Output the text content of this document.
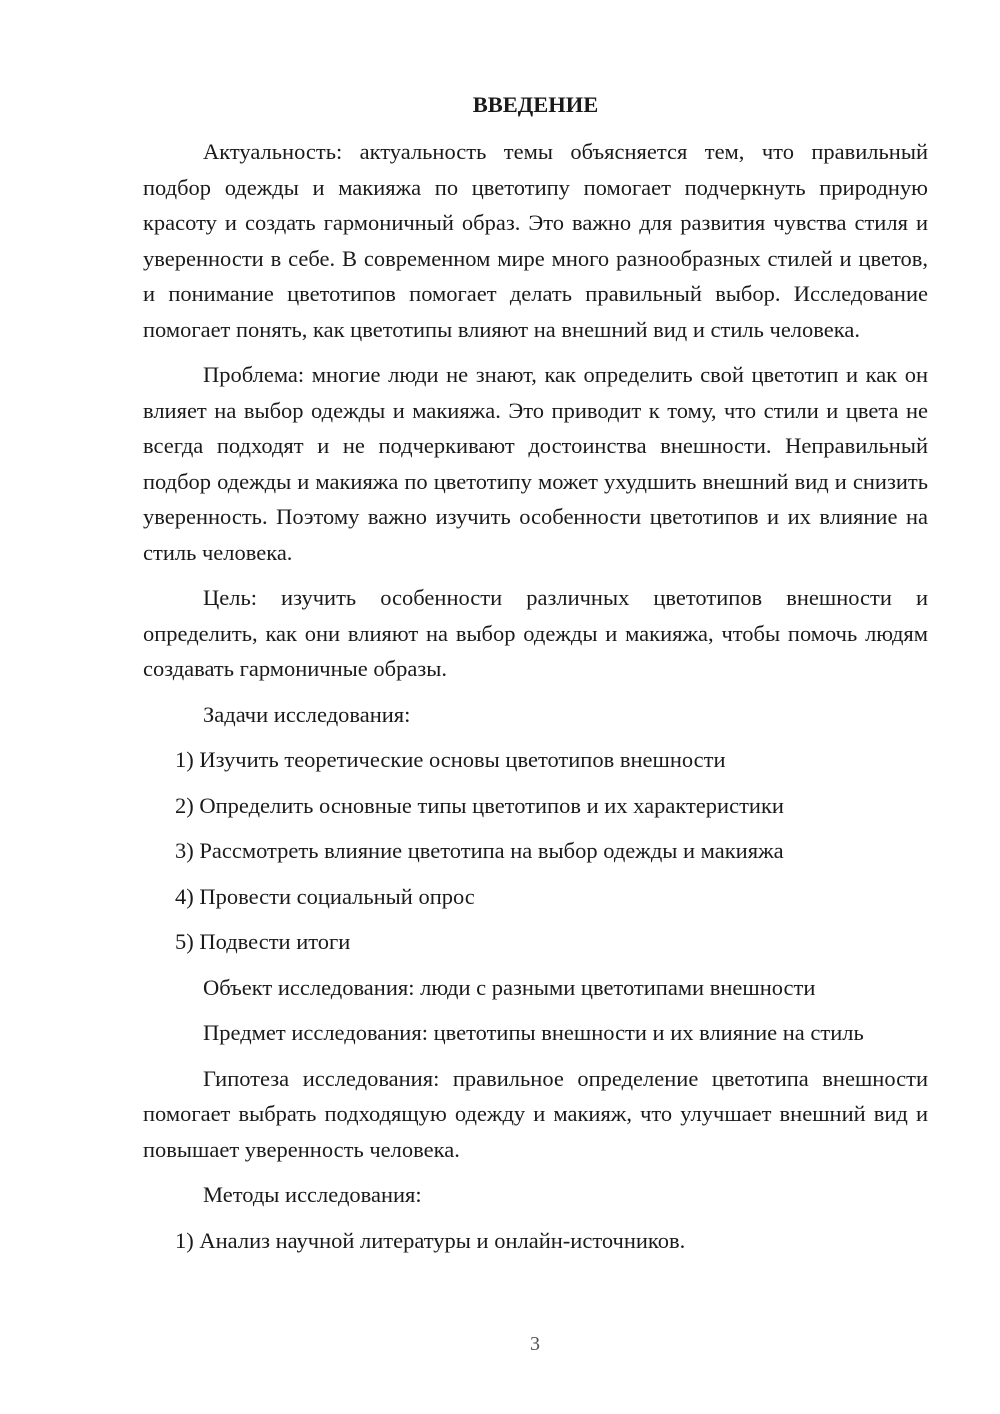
ВВЕДЕНИЕ

Актуальность: актуальность темы объясняется тем, что правильный подбор одежды и макияжа по цветотипу помогает подчеркнуть природную красоту и создать гармоничный образ. Это важно для развития чувства стиля и уверенности в себе. В современном мире много разнообразных стилей и цветов, и понимание цветотипов помогает делать правильный выбор. Исследование помогает понять, как цветотипы влияют на внешний вид и стиль человека.

Проблема: многие люди не знают, как определить свой цветотип и как он влияет на выбор одежды и макияжа. Это приводит к тому, что стили и цвета не всегда подходят и не подчеркивают достоинства внешности. Неправильный подбор одежды и макияжа по цветотипу может ухудшить внешний вид и снизить уверенность. Поэтому важно изучить особенности цветотипов и их влияние на стиль человека.

Цель: изучить особенности различных цветотипов внешности и определить, как они влияют на выбор одежды и макияжа, чтобы помочь людям создавать гармоничные образы.

Задачи исследования:
1) Изучить теоретические основы цветотипов внешности
2) Определить основные типы цветотипов и их характеристики
3) Рассмотреть влияние цветотипа на выбор одежды и макияжа
4) Провести социальный опрос
5) Подвести итоги
Объект исследования: люди с разными цветотипами внешности
Предмет исследования: цветотипы внешности и их влияние на стиль

Гипотеза исследования: правильное определение цветотипа внешности помогает выбрать подходящую одежду и макияж, что улучшает внешний вид и повышает уверенность человека.

Методы исследования:
1) Анализ научной литературы и онлайн-источников.
3
